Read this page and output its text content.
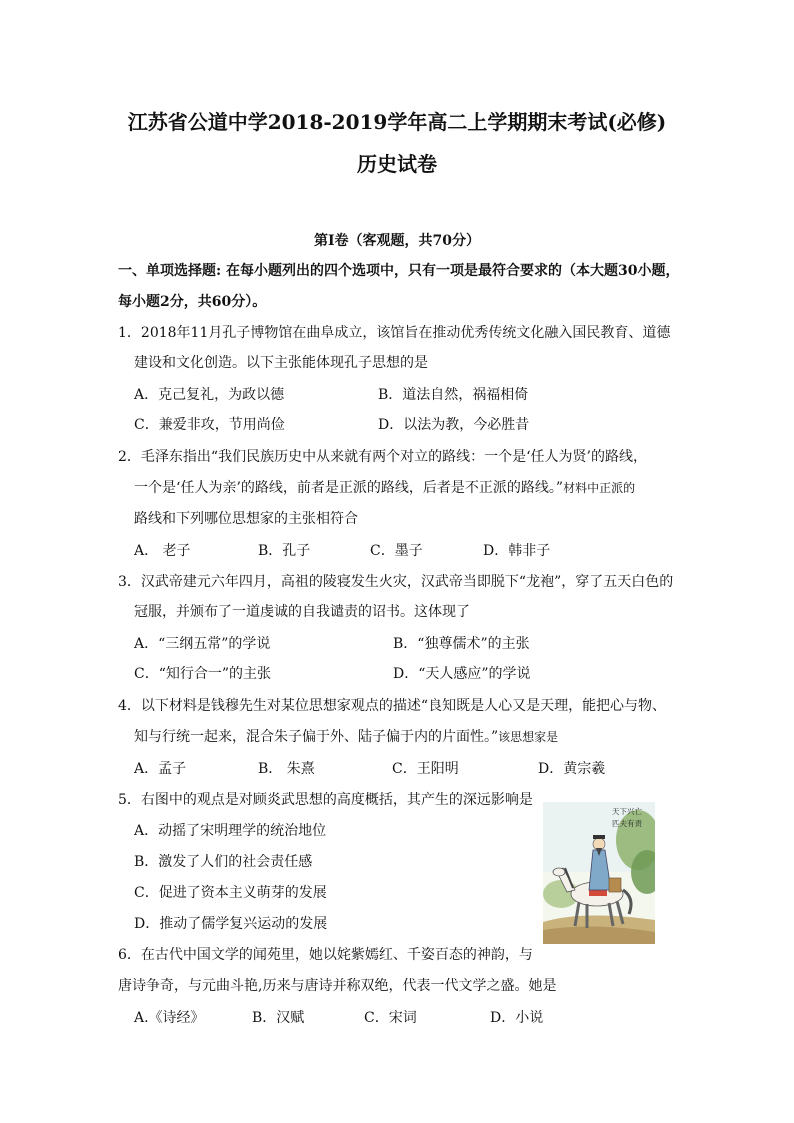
江苏省公道中学2018-2019学年高二上学期期末考试(必修)
历史试卷
第Ⅰ卷（客观题，共70分）
一、单项选择题: 在每小题列出的四个选项中，只有一项是最符合要求的（本大题30小题，
每小题2分，共60分）。
1．2018年11月孔子博物馆在曲阜成立，该馆旨在推动优秀传统文化融入国民教育、道德
建设和文化创造。以下主张能体现孔子思想的是
A．克己复礼，为政以德	B．道法自然，祸福相倚
C．兼爱非攻，节用尚俭	D．以法为教，今必胜昔
2．毛泽东指出“我们民族历史中从来就有两个对立的路线：一个是‘任人为贤’的路线，
一个是‘任人为亲’的路线，前者是正派的路线，后者是不正派的路线。”材料中正派的
路线和下列哪位思想家的主张相符合
A． 老子	B．孔子	C．墨子	D．韩非子
3．汉武帝建元六年四月，高祖的陵寝发生火灾，汉武帝当即脱下“龙袍”，穿了五天白色的
冠服，并颁布了一道虔诚的自我谴责的诏书。这体现了
A．“三纲五常”的学说	B．“独尊儒术”的主张
C．“知行合一”的主张	D．“天人感应”的学说
4．以下材料是钱穆先生对某位思想家观点的描述“良知既是人心又是天理，能把心与物、
知与行统一起来，混合朱子偏于外、陆子偏于内的片面性。”该思想家是
A．孟子	B． 朱熹	C．王阳明	D．黄宗羲
5．右图中的观点是对顾炎武思想的高度概括，其产生的深远影响是
A．动摇了宋明理学的统治地位
B．激发了人们的社会责任感
C．促进了资本主义萌芽的发展
D．推动了儒学复兴运动的发展
天下兴亡
匹夫有责
6．在古代中国文学的闻苑里，她以姹紫嫣红、千姿百态的神韵，与
唐诗争奇，与元曲斗艳,历来与唐诗并称双绝，代表一代文学之盛。她是
A.《诗经》	B．汉赋	C．宋词	D．小说
